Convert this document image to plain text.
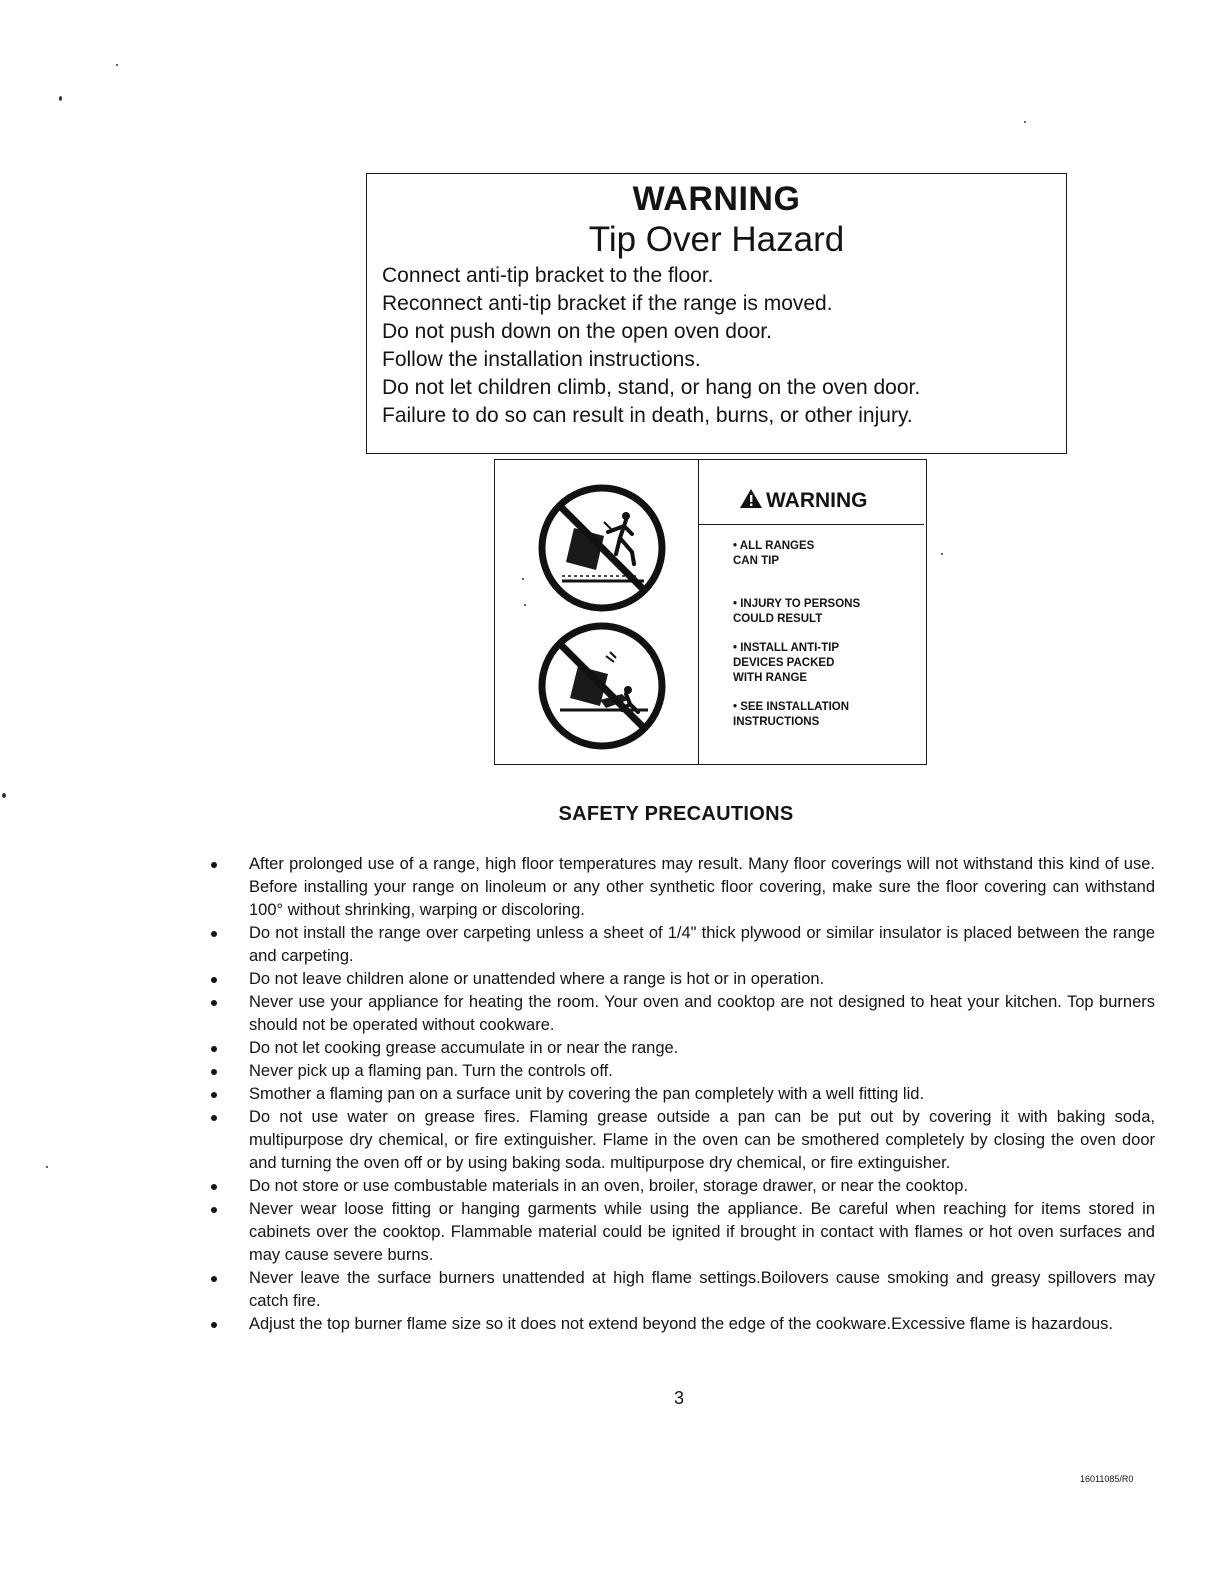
WARNING
Tip Over Hazard
Connect anti-tip bracket to the floor.
Reconnect anti-tip bracket if the range is moved.
Do not push down on the open oven door.
Follow the installation instructions.
Do not let children climb, stand, or hang on the oven door.
Failure to do so can result in death, burns, or other injury.
WARNING
• ALL RANGES
CAN TIP
• INJURY TO PERSONS
COULD RESULT
• INSTALL ANTI-TIP
DEVICES PACKED
WITH RANGE
• SEE INSTALLATION
INSTRUCTIONS
SAFETY PRECAUTIONS
After prolonged use of a range, high floor temperatures may result. Many floor coverings will not withstand this kind of use. Before installing your range on linoleum or any other synthetic floor covering, make sure the floor covering can withstand 100° without shrinking, warping or discoloring.
Do not install the range over carpeting unless a sheet of 1/4" thick plywood or similar insulator is placed between the range and carpeting.
Do not leave children alone or unattended where a range is hot or in operation.
Never use your appliance for heating the room. Your oven and cooktop are not designed to heat your kitchen. Top burners should not be operated without cookware.
Do not let cooking grease accumulate in or near the range.
Never pick up a flaming pan. Turn the controls off.
Smother a flaming pan on a surface unit by covering the pan completely with a well fitting lid.
Do not use water on grease fires. Flaming grease outside a pan can be put out by covering it with baking soda, multipurpose dry chemical, or fire extinguisher. Flame in the oven can be smothered completely by closing the oven door and turning the oven off or by using baking soda. multipurpose dry chemical, or fire extinguisher.
Do not store or use combustable materials in an oven, broiler, storage drawer, or near the cooktop.
Never wear loose fitting or hanging garments while using the appliance. Be careful when reaching for items stored in cabinets over the cooktop. Flammable material could be ignited if brought in contact with flames or hot oven surfaces and may cause severe burns.
Never leave the surface burners unattended at high flame settings.Boilovers cause smoking and greasy spillovers may catch fire.
Adjust the top burner flame size so it does not extend beyond the edge of the cookware.Excessive flame is hazardous.
3
16011085/R0
